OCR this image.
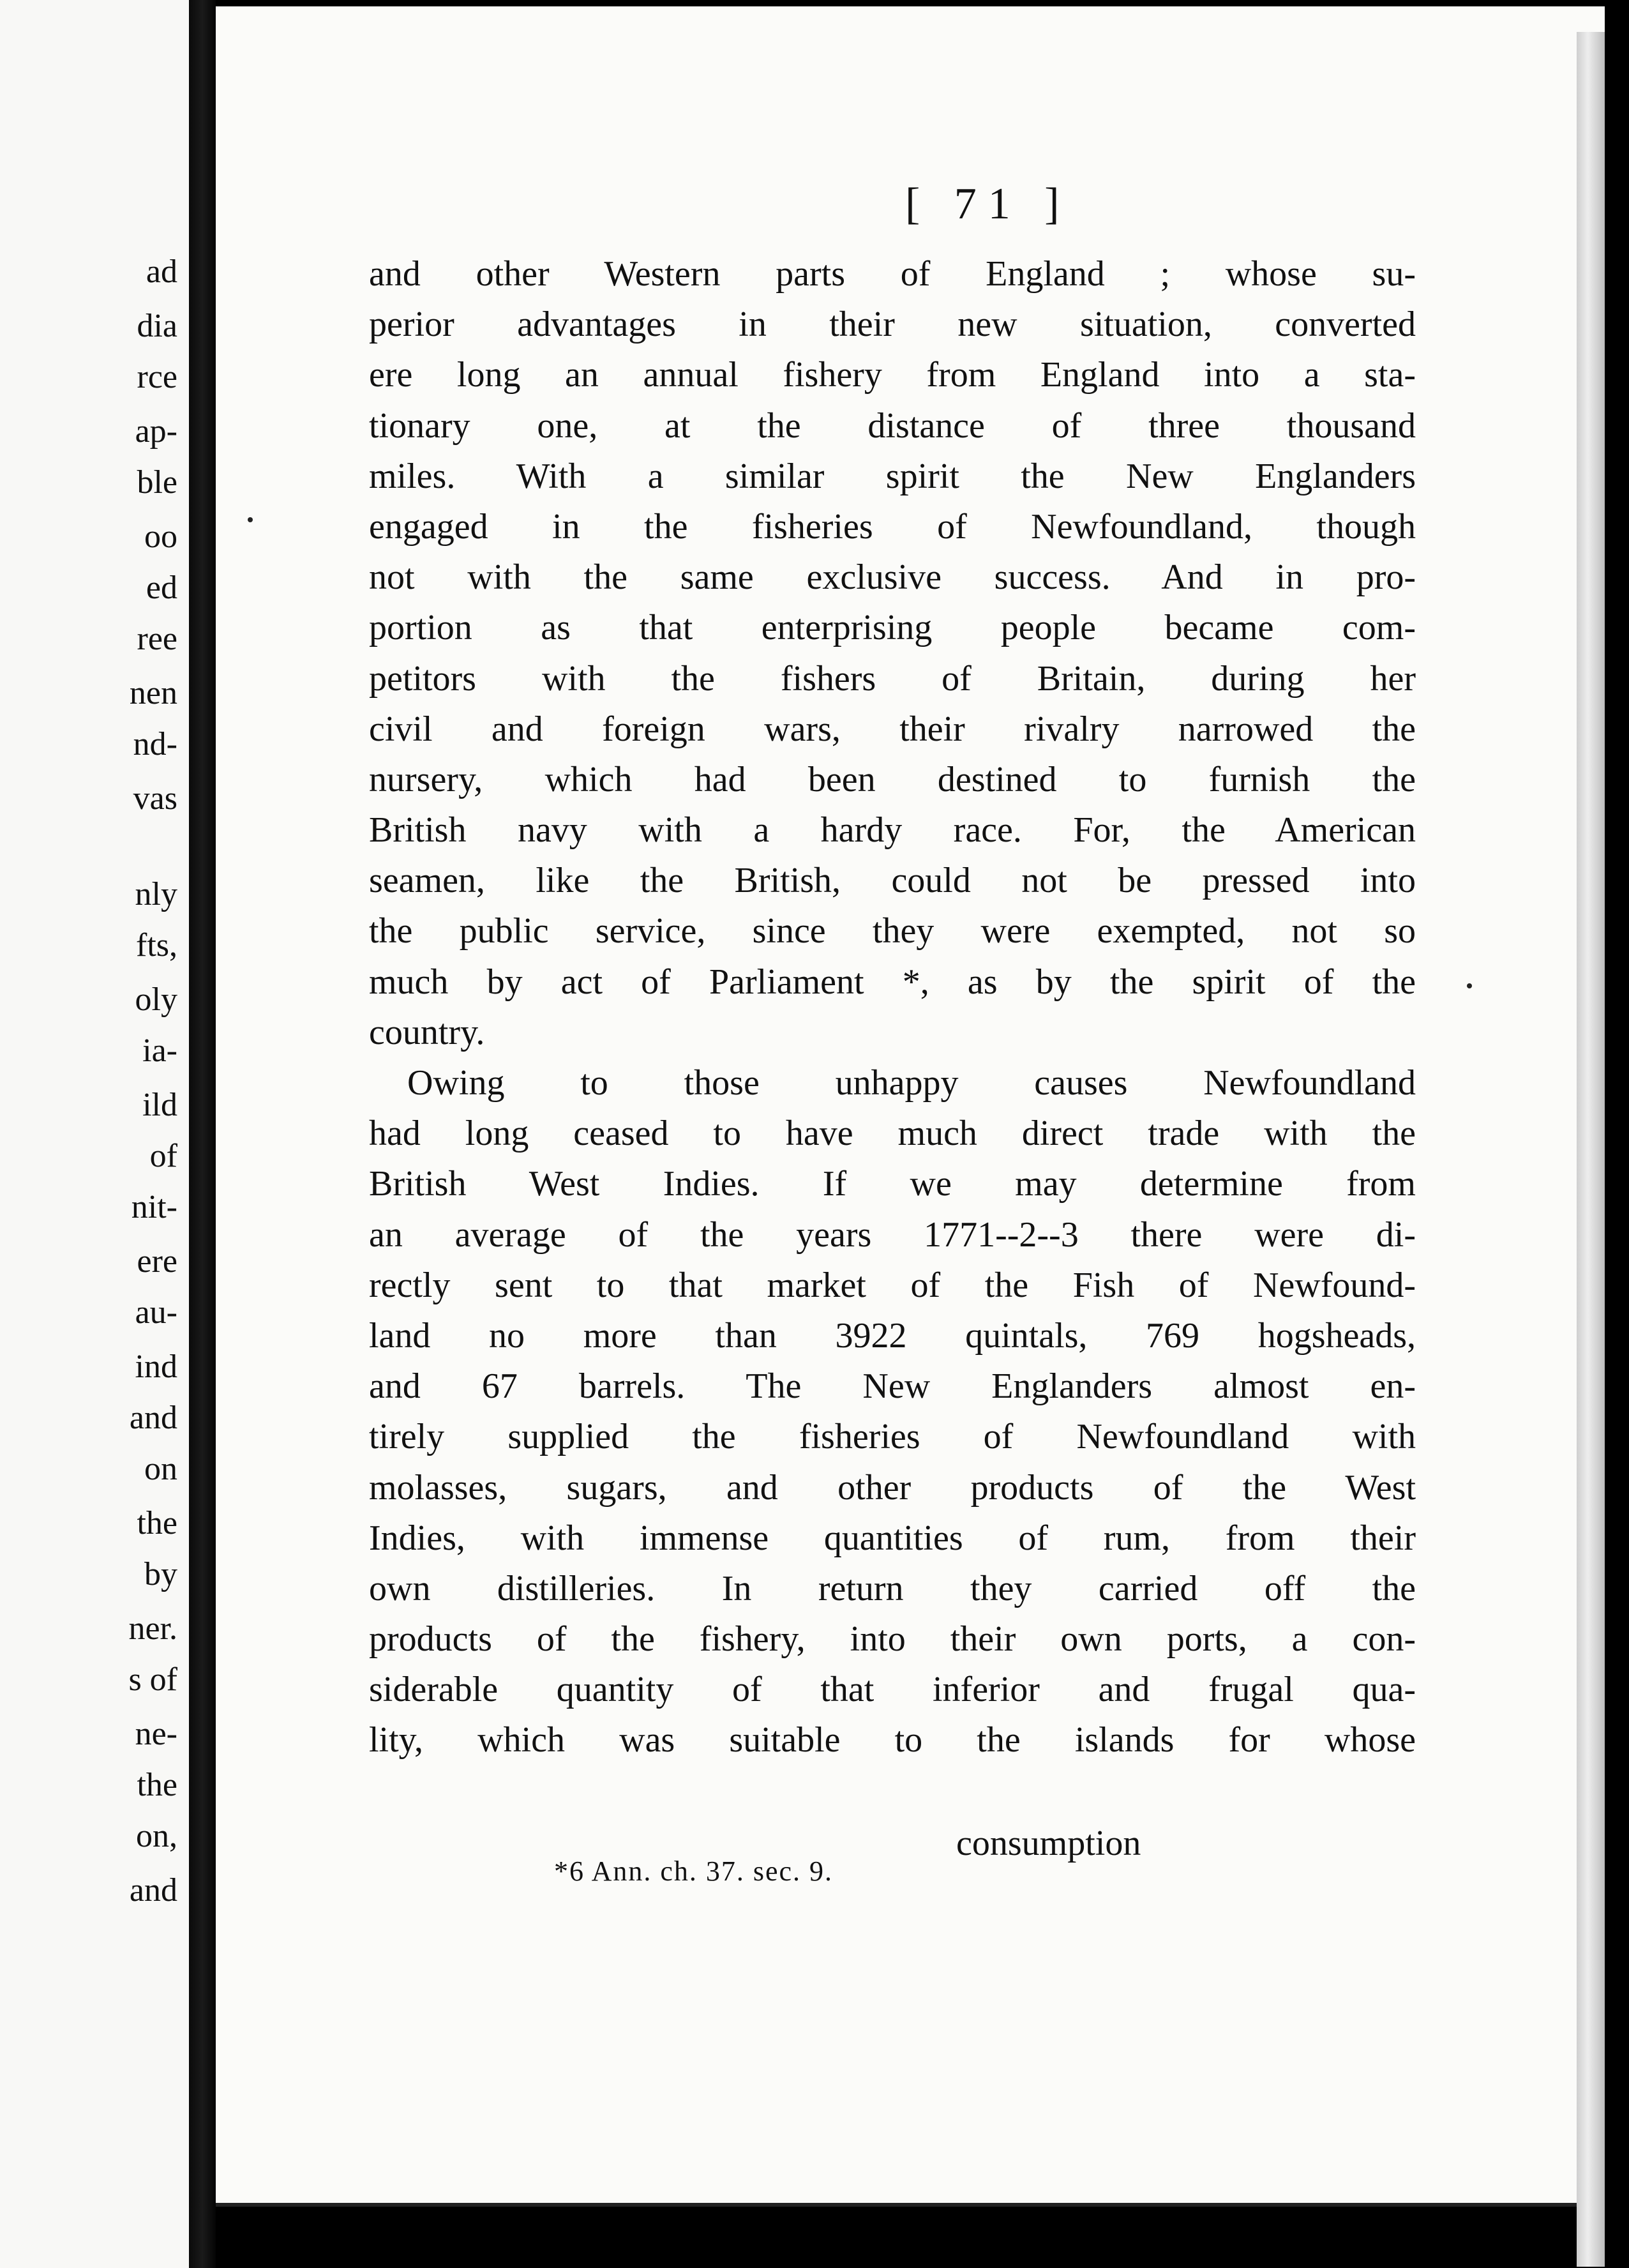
ad
dia
rce
ap-
ble
oo
ed
ree
nen
nd-
vas
nly
fts,
oly
ia-
ild
of
nit-
ere
au-
ind
and
on
the
by
ner.
s of
ne-
the
on,
and
[ 71 ]
and other Western parts of England ; whose su-
perior advantages in their new situation, converted
ere long an annual fishery from England into a sta-
tionary one, at the distance of three thousand
miles. With a similar spirit the New Englanders
engaged in the fisheries of Newfoundland, though
not with the same exclusive success. And in pro-
portion as that enterprising people became com-
petitors with the fishers of Britain, during her
civil and foreign wars, their rivalry narrowed the
nursery, which had been destined to furnish the
British navy with a hardy race. For, the American
seamen, like the British, could not be pressed into
the public service, since they were exempted, not so
much by act of Parliament *, as by the spirit of the
country.
Owing to those unhappy causes Newfoundland
had long ceased to have much direct trade with the
British West Indies. If we may determine from
an average of the years 1771--2--3 there were di-
rectly sent to that market of the Fish of Newfound-
land no more than 3922 quintals, 769 hogsheads,
and 67 barrels. The New Englanders almost en-
tirely supplied the fisheries of Newfoundland with
molasses, sugars, and other products of the West
Indies, with immense quantities of rum, from their
own distilleries. In return they carried off the
products of the fishery, into their own ports, a con-
siderable quantity of that inferior and frugal qua-
lity, which was suitable to the islands for whose
consumption
*6 Ann. ch. 37. sec. 9.
